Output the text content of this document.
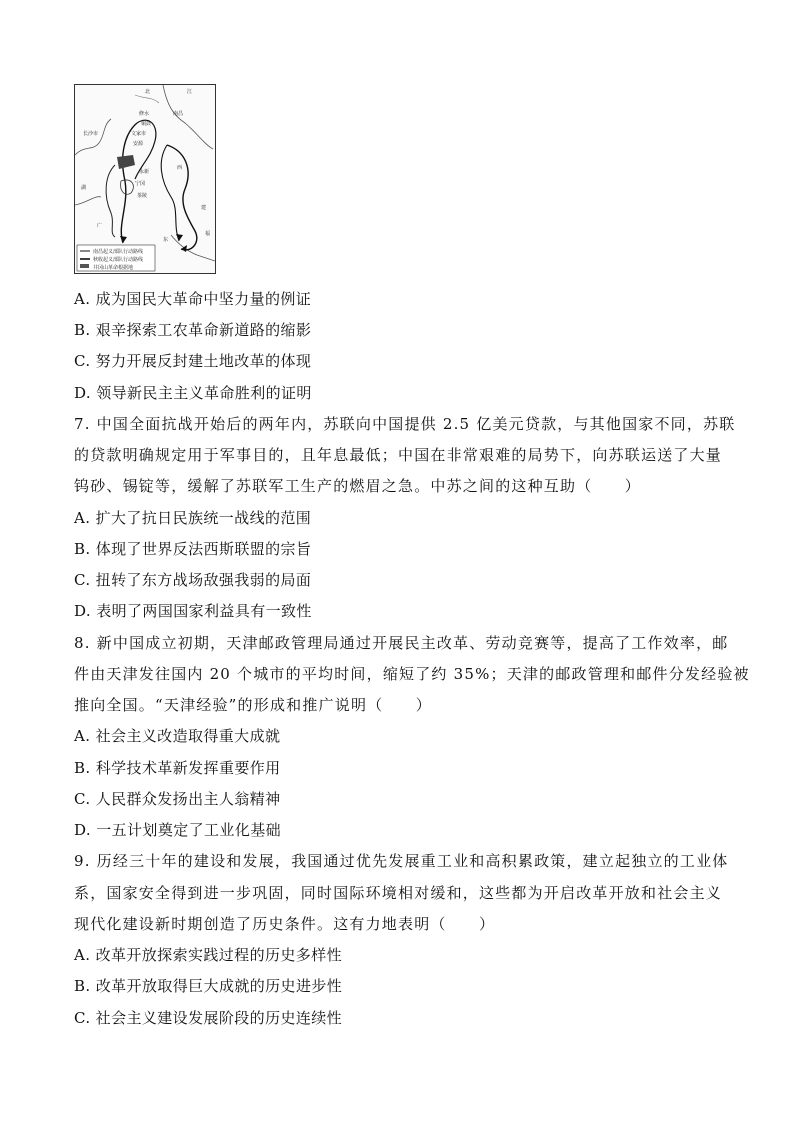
北	江
长沙市
修水
铜鼓
文家市
安源
南昌
西
永新
建
宁冈
茶陵
东
广
福
湖
南昌起义部队行动路线
秋收起义部队行动路线
井冈山革命根据地
A. 成为国民大革命中坚力量的例证
B. 艰辛探索工农革命新道路的缩影
C. 努力开展反封建土地改革的体现
D. 领导新民主主义革命胜利的证明
7. 中国全面抗战开始后的两年内，苏联向中国提供 2.5 亿美元贷款，与其他国家不同，苏联
的贷款明确规定用于军事目的，且年息最低；中国在非常艰难的局势下，向苏联运送了大量
钨砂、锡锭等，缓解了苏联军工生产的燃眉之急。中苏之间的这种互助（　　）
A. 扩大了抗日民族统一战线的范围
B. 体现了世界反法西斯联盟的宗旨
C. 扭转了东方战场敌强我弱的局面
D. 表明了两国国家利益具有一致性
8. 新中国成立初期，天津邮政管理局通过开展民主改革、劳动竞赛等，提高了工作效率，邮
件由天津发往国内 20 个城市的平均时间，缩短了约 35%；天津的邮政管理和邮件分发经验被
推向全国。“天津经验”的形成和推广说明（　　）
A. 社会主义改造取得重大成就
B. 科学技术革新发挥重要作用
C. 人民群众发扬出主人翁精神
D. 一五计划奠定了工业化基础
9. 历经三十年的建设和发展，我国通过优先发展重工业和高积累政策，建立起独立的工业体
系，国家安全得到进一步巩固，同时国际环境相对缓和，这些都为开启改革开放和社会主义
现代化建设新时期创造了历史条件。这有力地表明（　　）
A. 改革开放探索实践过程的历史多样性
B. 改革开放取得巨大成就的历史进步性
C. 社会主义建设发展阶段的历史连续性
